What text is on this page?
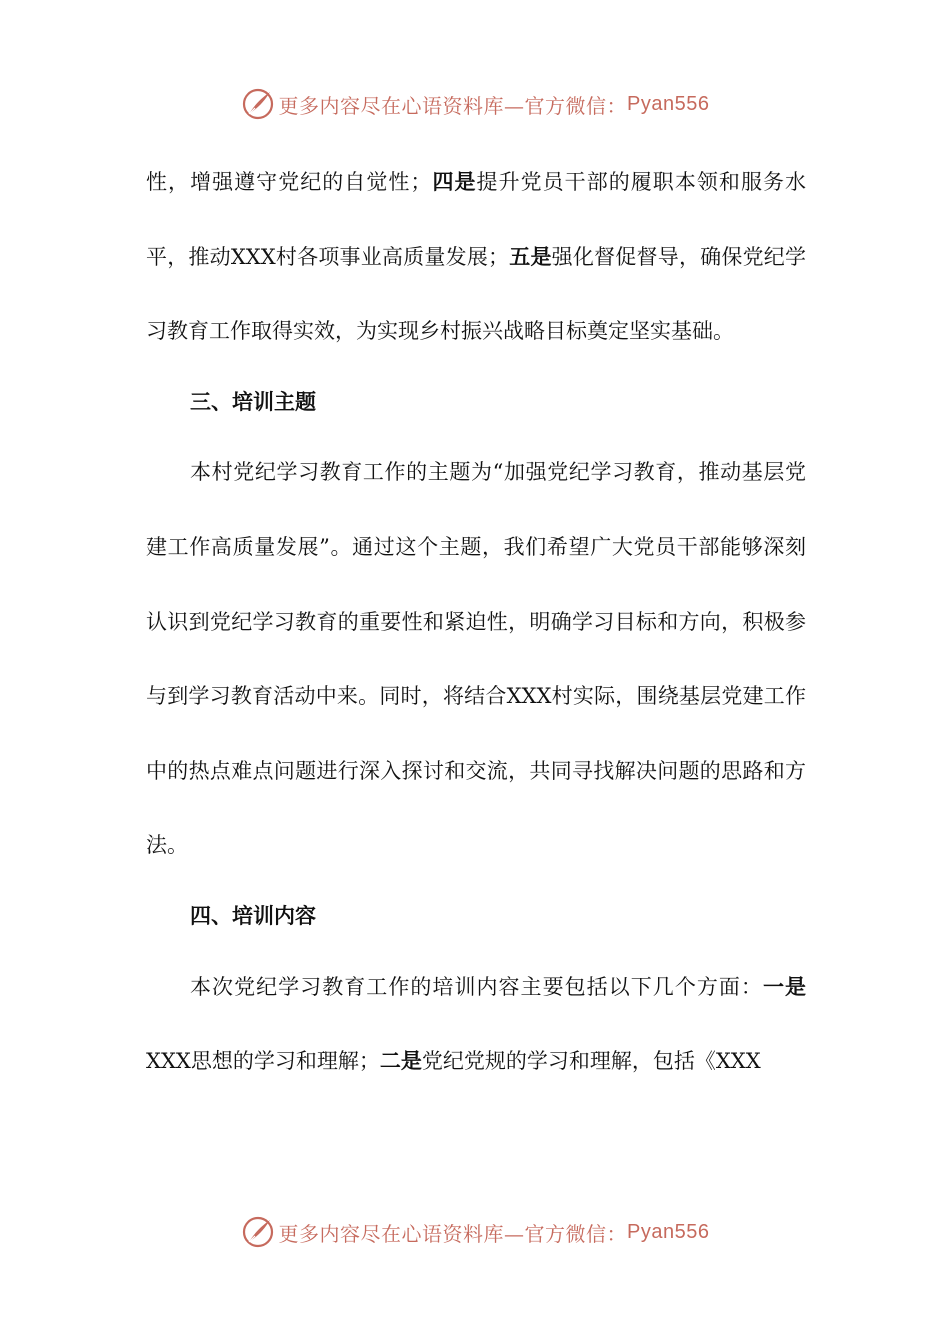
更多内容尽在心语资料库—官方微信： Pyan556

性，增强遵守党纪的自觉性；四是提升党员干部的履职本领和服务水平，推动XXX村各项事业高质量发展；五是强化督促督导，确保党纪学习教育工作取得实效，为实现乡村振兴战略目标奠定坚实基础。

三、培训主题

本村党纪学习教育工作的主题为“加强党纪学习教育，推动基层党建工作高质量发展”。通过这个主题，我们希望广大党员干部能够深刻认识到党纪学习教育的重要性和紧迫性，明确学习目标和方向，积极参与到学习教育活动中来。同时，将结合XXX村实际，围绕基层党建工作中的热点难点问题进行深入探讨和交流，共同寻找解决问题的思路和方法。

四、培训内容

本次党纪学习教育工作的培训内容主要包括以下几个方面：一是XXX思想的学习和理解；二是党纪党规的学习和理解，包括《XXX

更多内容尽在心语资料库—官方微信： Pyan556
